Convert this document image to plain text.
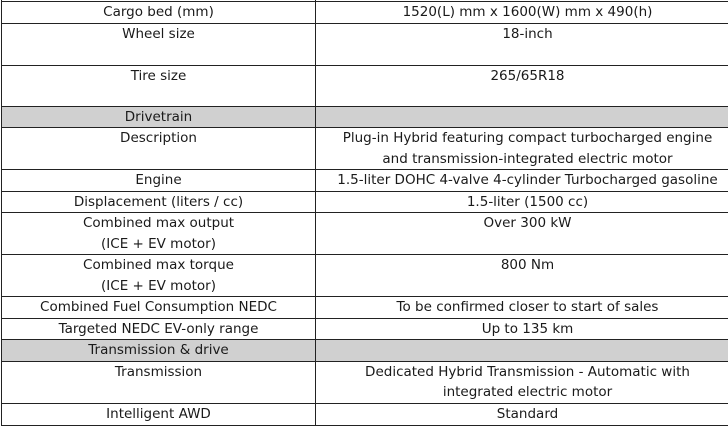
Cargo bed (mm)	1520(L) mm x 1600(W) mm x 490(h)

Wheel size	18-inch

Tire size	265/65R18

Drivetrain	

Description	Plug-in Hybrid featuring compact turbocharged engine
and transmission-integrated electric motor

Engine	1.5-liter DOHC 4-valve 4-cylinder Turbocharged gasoline

Displacement (liters / cc)	1.5-liter (1500 cc)

Combined max output
(ICE + EV motor)	Over 300 kW

Combined max torque
(ICE + EV motor)	800 Nm

Combined Fuel Consumption NEDC	To be confirmed closer to start of sales

Targeted NEDC EV-only range	Up to 135 km

Transmission & drive	

Transmission	Dedicated Hybrid Transmission - Automatic with
integrated electric motor

Intelligent AWD	Standard
